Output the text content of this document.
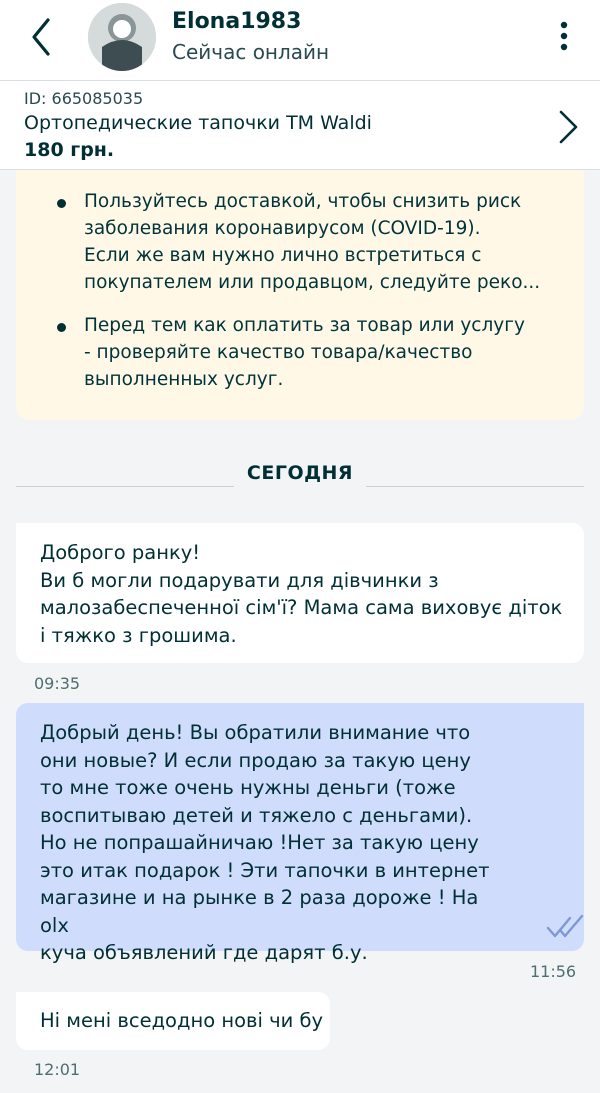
Elona1983
Сейчас онлайн
ID: 665085035
Ортопедические тапочки ТМ Waldi
180 грн.
Пользуйтесь доставкой, чтобы снизить риск
заболевания коронавирусом (COVID-19).
Если же вам нужно лично встретиться с
покупателем или продавцом, следуйте реко...
Перед тем как оплатить за товар или услугу
- проверяйте качество товара/качество
выполненных услуг.
СЕГОДНЯ

Доброго ранку!
Ви б могли подарувати для дівчинки з
малозабеспеченної сім'ї? Мама сама виховує діток
і тяжко з грошима.

09:35

Добрый день! Вы обратили внимание что
они новые? И если продаю за такую цену
то мне тоже очень нужны деньги (тоже
воспитываю детей и тяжело с деньгами).
Но не попрашайничаю !Нет за такую цену
это итак подарок ! Эти тапочки в интернет
магазине и на рынке в 2 раза дороже ! На olx
куча объявлений где дарят б.у.

11:56

Ні мені вседодно нові чи бу

12:01
